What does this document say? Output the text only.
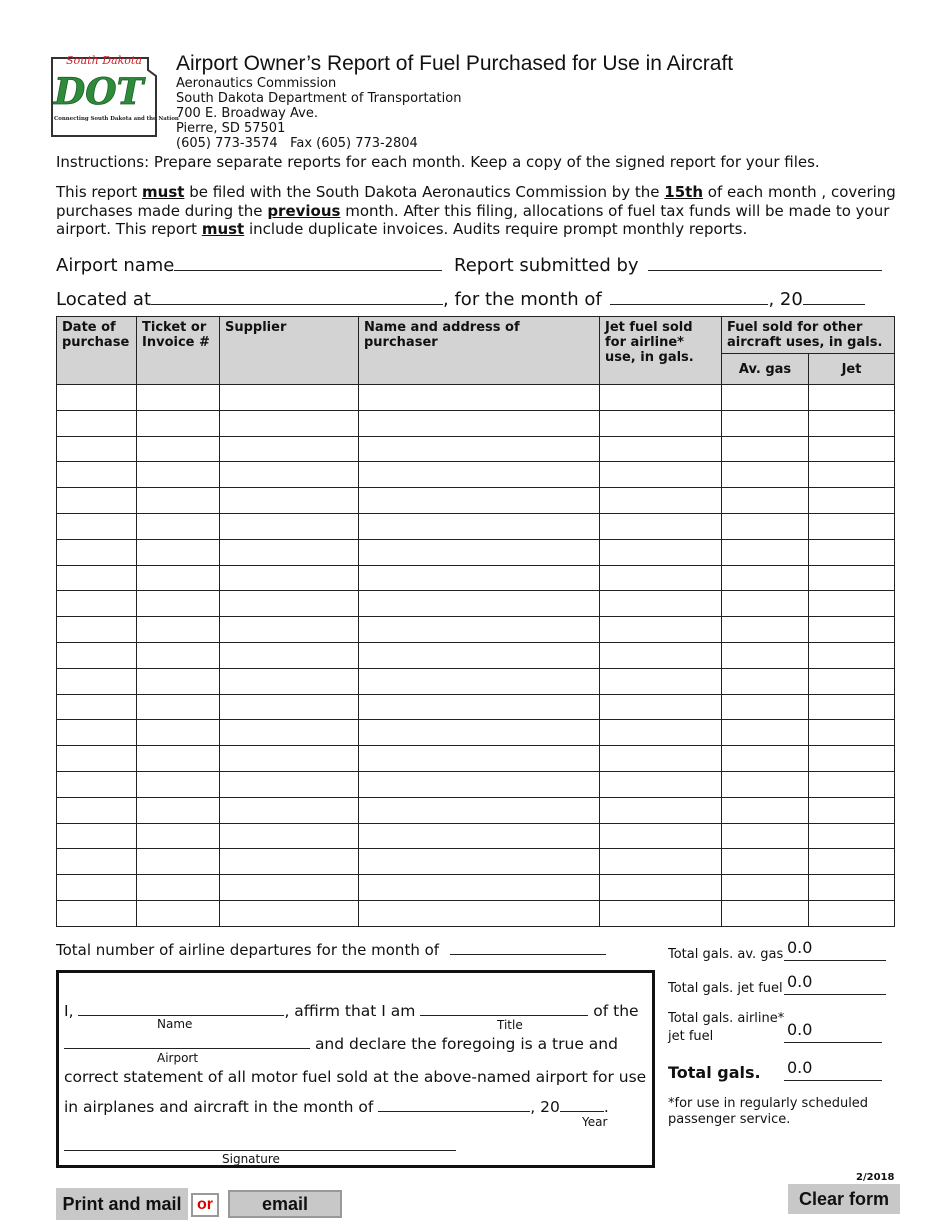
South Dakota
DOT
Connecting South Dakota and the Nation
Airport Owner’s Report of Fuel Purchased for Use in Aircraft
Aeronautics Commission
South Dakota Department of Transportation
700 E. Broadway Ave.
Pierre, SD 57501
(605) 773-3574   Fax (605) 773-2804
Instructions: Prepare separate reports for each month. Keep a copy of the signed report for your files.
This report must be filed with the South Dakota Aeronautics Commission by the 15th of each month , covering purchases made during the previous month. After this filing, allocations of fuel tax funds will be made to your airport. This report must include duplicate invoices. Audits require prompt monthly reports.
Airport name	Report submitted by
Located at	, for the month of	, 20
Date of purchase	Ticket or Invoice #	Supplier	Name and address of purchaser	Jet fuel sold for airline* use, in gals.	Fuel sold for other aircraft uses, in gals.	
					Av. gas	Jet

Total number of airline departures for the month of
I,	, affirm that I am	of the
Name	Title
and declare the foregoing is a true and
Airport
correct statement of all motor fuel sold at the above-named airport for use
in airplanes and aircraft in the month of	, 20	.
Year
Signature
Total gals. av. gas 0.0
Total gals. jet fuel 0.0
Total gals. airline*
jet fuel	0.0
Total gals. 0.0
*for use in regularly scheduled passenger service.
Print and mail or	email
2/2018
Clear form
